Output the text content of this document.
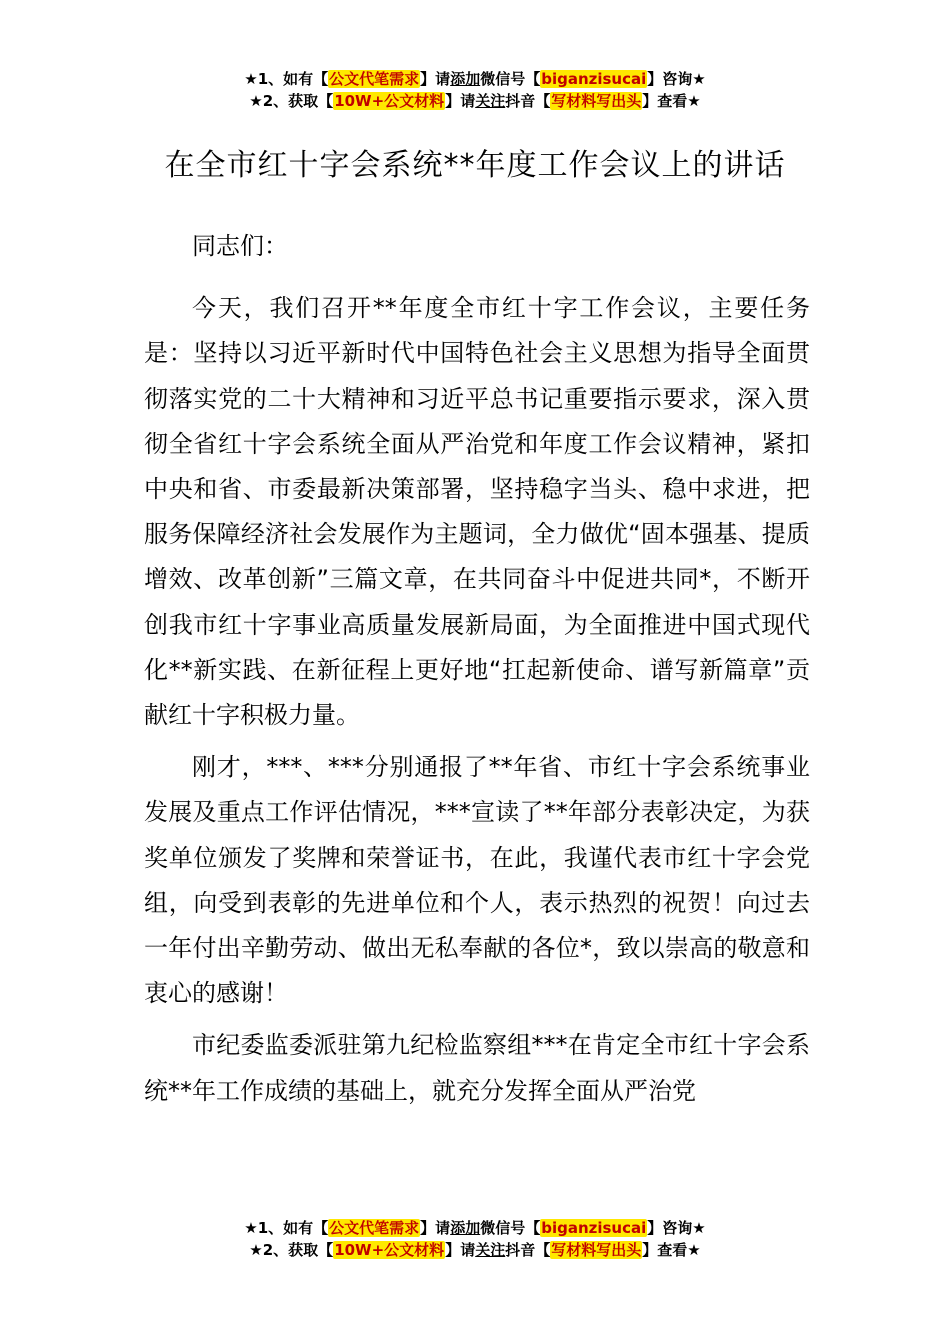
★1、如有【公文代笔需求】请添加微信号【biganzisucai】咨询★
★2、获取【10W+公文材料】请关注抖音【写材料写出头】查看★
在全市红十字会系统**年度工作会议上的讲话

同志们：

今天，我们召开**年度全市红十字工作会议，主要任务是：坚持以习近平新时代中国特色社会主义思想为指导全面贯彻落实党的二十大精神和习近平总书记重要指示要求，深入贯彻全省红十字会系统全面从严治党和年度工作会议精神，紧扣中央和省、市委最新决策部署，坚持稳字当头、稳中求进，把服务保障经济社会发展作为主题词，全力做优“固本强基、提质增效、改革创新”三篇文章，在共同奋斗中促进共同*，不断开创我市红十字事业高质量发展新局面，为全面推进中国式现代化**新实践、在新征程上更好地“扛起新使命、谱写新篇章”贡献红十字积极力量。

刚才，***、***分别通报了**年省、市红十字会系统事业发展及重点工作评估情况，***宣读了**年部分表彰决定，为获奖单位颁发了奖牌和荣誉证书，在此，我谨代表市红十字会党组，向受到表彰的先进单位和个人，表示热烈的祝贺！向过去一年付出辛勤劳动、做出无私奉献的各位*，致以崇高的敬意和衷心的感谢！

市纪委监委派驻第九纪检监察组***在肯定全市红十字会系统**年工作成绩的基础上，就充分发挥全面从严治党

★1、如有【公文代笔需求】请添加微信号【biganzisucai】咨询★
★2、获取【10W+公文材料】请关注抖音【写材料写出头】查看★
